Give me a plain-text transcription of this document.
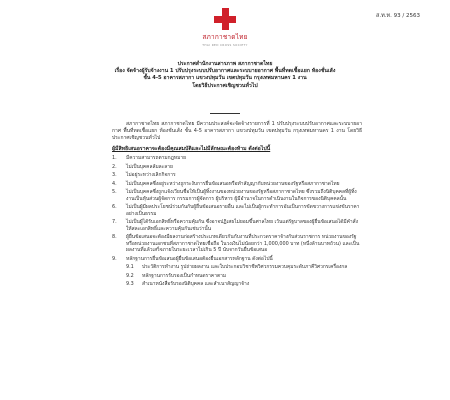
ส.ท.ท. 93 / 2563
สภากาชาดไทย
THAI RED CROSS SOCIETY
ประกาศสำนักงานสารภาพ สภากาชาดไทย
เรื่อง จัดจ้างผู้รับจ้างงาน 1 ปรับปรุงระบบปรับอากาศและระบบายอากาศ พื้นที่ทดเชื้อแยก ห้องชั่นเส้ง
ชั้น 4-5 อาคารสภากา แขวงปทุมวัน เขตปทุมวัน กรุงเทพมหานคร 1 งาน
โดยวิธีประกาศเชิญชวนทั่วไป

สภากาชาดไทย สภากาชาดไทย มีความประสงค์จะจัดจ้างรายการที่ 1 ปรับปรุงระบบปรับอากาศและระบบายอากาศ พื้นที่ทดเชื้อแยก ห้องชั่นเส้ง ชั้น 4-5 อาคารสภากา แขวงปทุมวัน เขตปทุมวัน กรุงเทพมหานคร 1 งาน โดยวิธีประกาศเชิญชวนทั่วไป

ผู้มีสิทธิเสนอราคาจะต้องมีคุณสมบัติและไม่มีลักษณะต้องห้าม ดังต่อไปนี้
1. มีความสามารถตามกฎหมาย
2. ไม่เป็นบุคคลล้มละลาย
3. ไม่อยู่ระหว่างเลิกกิจการ
4. ไม่เป็นบุคคลซึ่งอยู่ระหว่างถูกระงับการยื่นข้อเสนอหรือทำสัญญากับหน่วยงานของรัฐหรือสภากาชาดไทย
5. ไม่เป็นบุคคลซึ่งถูกแจ้งเวียนชื่อให้เป็นผู้ทิ้งงานของหน่วยงานของรัฐหรือสภากาชาดไทย ซึ่งรวมถึงนิติบุคคลที่ผู้ทิ้งงานเป็นหุ้นส่วนผู้จัดการ กรรมการผู้จัดการ ผู้บริหาร ผู้มีอำนาจในการดำเนินงานในกิจการของนิติบุคคลนั้น
6. ไม่เป็นผู้มีผลประโยชน์ร่วมกันกับผู้ยื่นข้อเสนอรายอื่น และไม่เป็นผู้กระทำการอันเป็นการขัดขวางการแข่งขันราคาอย่างเป็นธรรม
7. ไม่เป็นผู้ได้รับเอกสิทธิ์หรือความคุ้มกัน ซึ่งอาจปฏิเสธไม่ยอมขึ้นศาลไทย เว้นแต่รัฐบาลของผู้ยื่นข้อเสนอได้มีคำสั่งให้สละเอกสิทธิ์และความคุ้มกันเช่นว่านั้น
8. ผู้ยื่นข้อเสนอจะต้องมีผลงานก่อสร้างประเภทเดียวกันกับงานที่ประกวดราคาจ้างกับส่วนราชการ หน่วยงานของรัฐ หรือหน่วยงานเอกชนที่สภากาชาดไทยเชื่อถือ ในวงเงินไม่น้อยกว่า 1,000,000 บาท (หนึ่งล้านบาทถ้วน) และเป็นผลงานที่แล้วเสร็จภายในระยะเวลาไม่เกิน 5 ปี นับจากวันยื่นข้อเสนอ
9. หลักฐานการยื่นข้อเสนอผู้ยื่นข้อเสนอต้องยื่นเอกสารหลักฐาน ดังต่อไปนี้
9.1 ประวัติการทำงาน รูปถ่ายผลงาน และใบประกอบวิชาชีพวิศวกรรมควบคุมระดับภาคีวิศวกรเครื่องกล
9.2 หลักฐานการรับรองเป็นกำหนดราคาตาม
9.3 สำเนาหนังสือรับรองนิติบุคคล และสำเนาสัญญาจ้าง
